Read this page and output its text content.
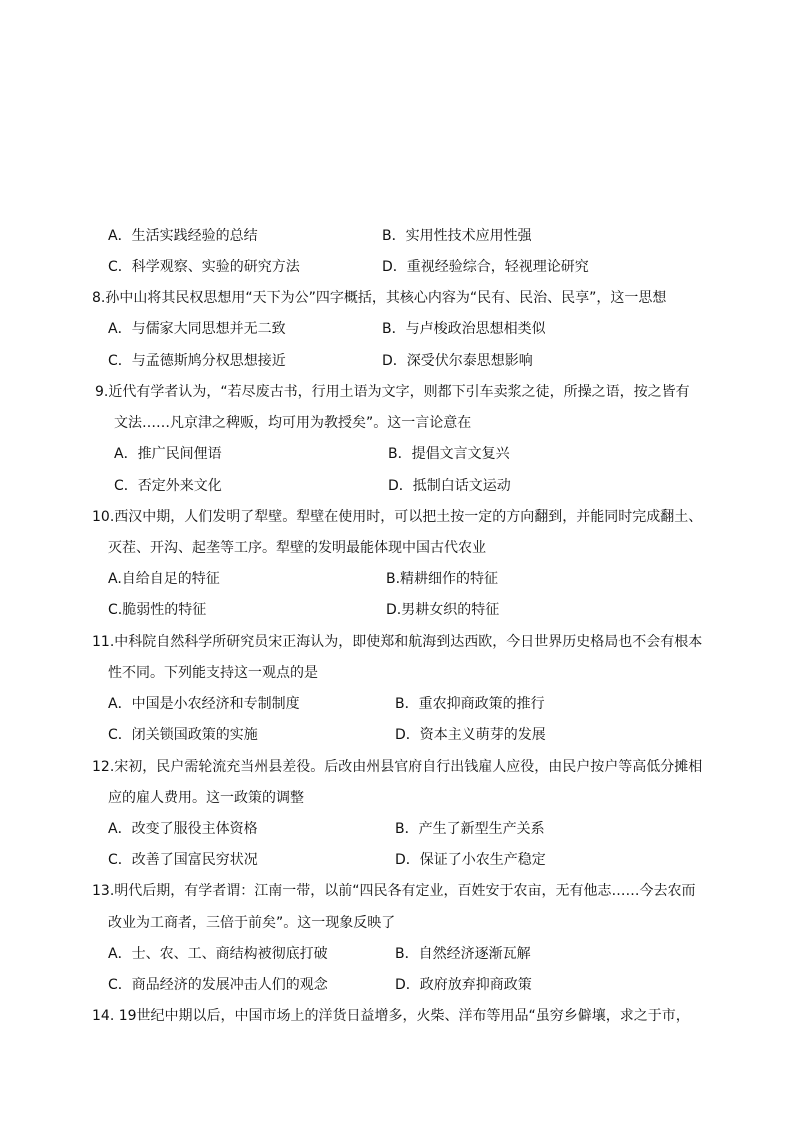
A．生活实践经验的总结	B．实用性技术应用性强
C．科学观察、实验的研究方法	D．重视经验综合，轻视理论研究
8.孙中山将其民权思想用“天下为公”四字概括，其核心内容为“民有、民治、民享”，这一思想
A．与儒家大同思想并无二致	B．与卢梭政治思想相类似
C．与孟德斯鸠分权思想接近	D．深受伏尔泰思想影响
9.近代有学者认为，“若尽废古书，行用土语为文字，则都下引车卖浆之徒，所操之语，按之皆有
文法……凡京津之稗贩，均可用为教授矣”。这一言论意在
A．推广民间俚语	B．提倡文言文复兴
C．否定外来文化	D．抵制白话文运动
10.西汉中期，人们发明了犁壁。犁壁在使用时，可以把土按一定的方向翻到，并能同时完成翻土、
灭茬、开沟、起垄等工序。犁壁的发明最能体现中国古代农业
A.自给自足的特征	B.精耕细作的特征
C.脆弱性的特征	D.男耕女织的特征
11.中科院自然科学所研究员宋正海认为，即使郑和航海到达西欧，今日世界历史格局也不会有根本
性不同。下列能支持这一观点的是
A．中国是小农经济和专制制度	B．重农抑商政策的推行
C．闭关锁国政策的实施	D．资本主义萌芽的发展
12.宋初，民户需轮流充当州县差役。后改由州县官府自行出钱雇人应役，由民户按户等高低分摊相
应的雇人费用。这一政策的调整
A．改变了服役主体资格	B．产生了新型生产关系
C．改善了国富民穷状况	D．保证了小农生产稳定
13.明代后期，有学者谓：江南一带，以前“四民各有定业，百姓安于农亩，无有他志……今去农而
改业为工商者，三倍于前矣”。这一现象反映了
A．士、农、工、商结构被彻底打破	B．自然经济逐渐瓦解
C．商品经济的发展冲击人们的观念	D．政府放弃抑商政策
14. 19世纪中期以后，中国市场上的洋货日益增多，火柴、洋布等用品“虽穷乡僻壤，求之于市，
